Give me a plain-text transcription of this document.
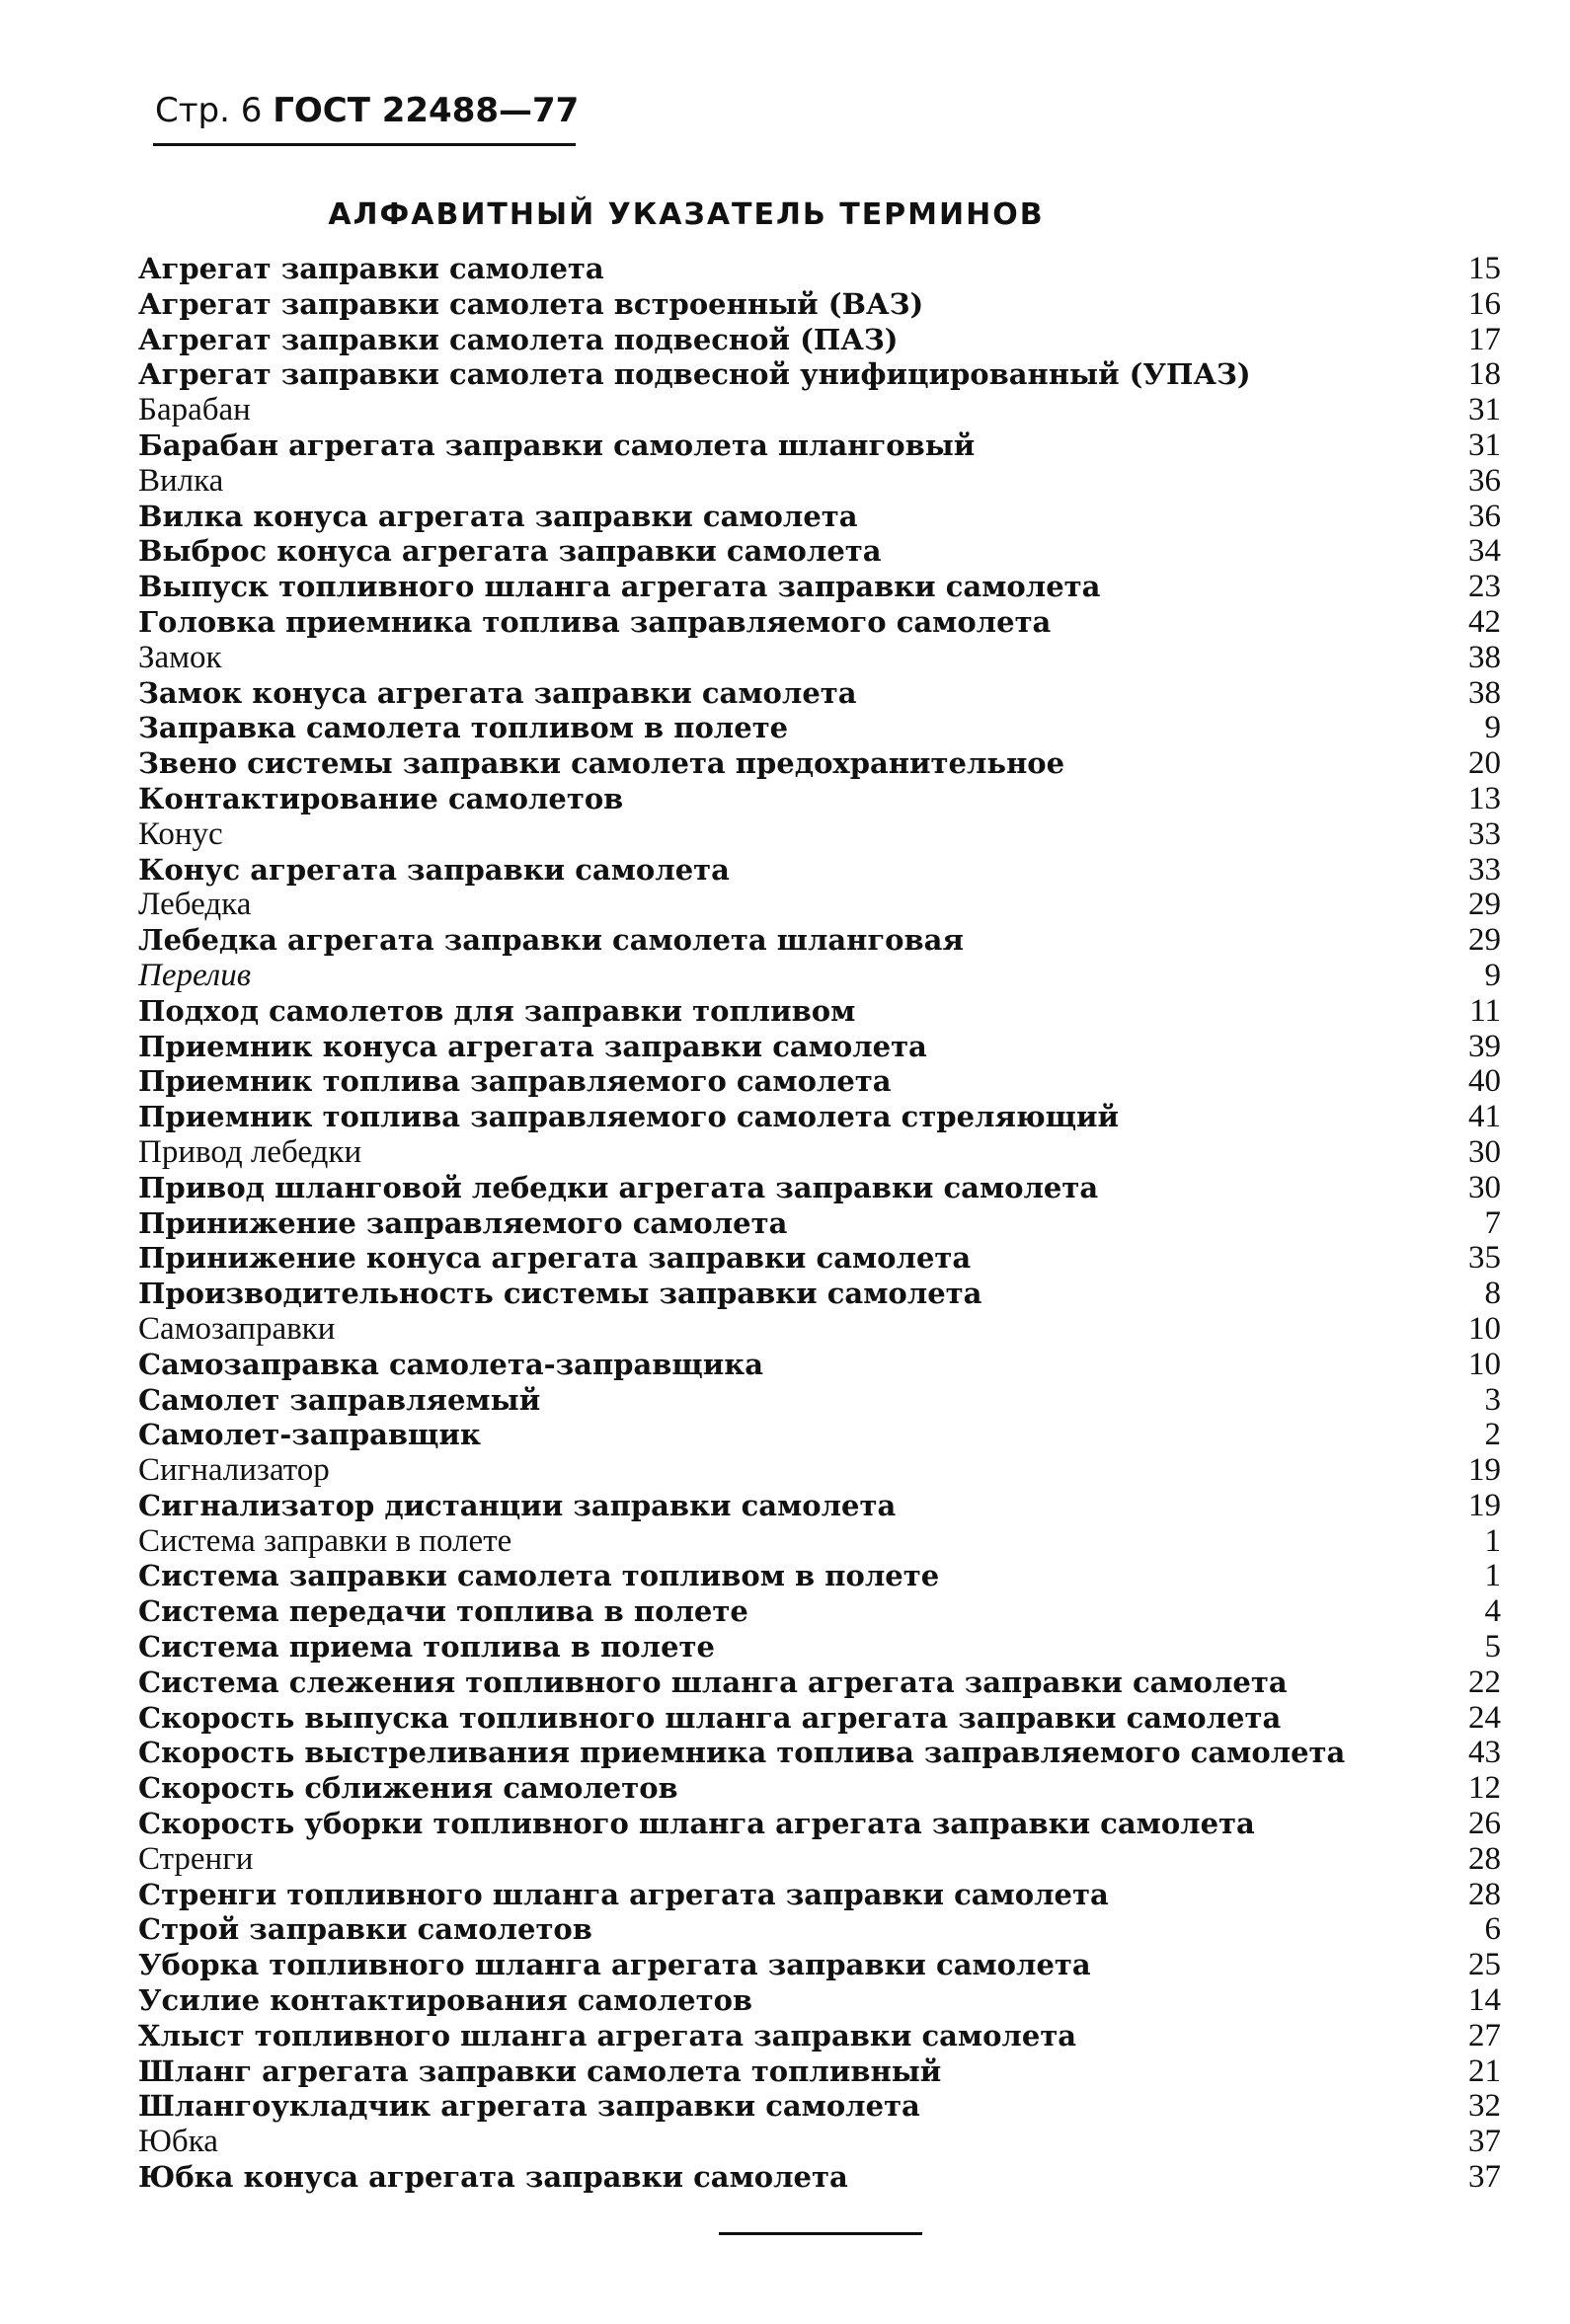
Стр. 6 ГОСТ 22488—77
АЛФАВИТНЫЙ УКАЗАТЕЛЬ ТЕРМИНОВ
Агрегат заправки самолета	15
Агрегат заправки самолета встроенный (ВАЗ)	16
Агрегат заправки самолета подвесной (ПАЗ)	17
Агрегат заправки самолета подвесной унифицированный (УПАЗ)	18
Барабан	31
Барабан агрегата заправки самолета шланговый	31
Вилка	36
Вилка конуса агрегата заправки самолета	36
Выброс конуса агрегата заправки самолета	34
Выпуск топливного шланга агрегата заправки самолета	23
Головка приемника топлива заправляемого самолета	42
Замок	38
Замок конуса агрегата заправки самолета	38
Заправка самолета топливом в полете	9
Звено системы заправки самолета предохранительное	20
Контактирование самолетов	13
Конус	33
Конус агрегата заправки самолета	33
Лебедка	29
Лебедка агрегата заправки самолета шланговая	29
Перелив	9
Подход самолетов для заправки топливом	11
Приемник конуса агрегата заправки самолета	39
Приемник топлива заправляемого самолета	40
Приемник топлива заправляемого самолета стреляющий	41
Привод лебедки	30
Привод шланговой лебедки агрегата заправки самолета	30
Принижение заправляемого самолета	7
Принижение конуса агрегата заправки самолета	35
Производительность системы заправки самолета	8
Самозаправки	10
Самозаправка самолета-заправщика	10
Самолет заправляемый	3
Самолет-заправщик	2
Сигнализатор	19
Сигнализатор дистанции заправки самолета	19
Система заправки в полете	1
Система заправки самолета топливом в полете	1
Система передачи топлива в полете	4
Система приема топлива в полете	5
Система слежения топливного шланга агрегата заправки самолета	22
Скорость выпуска топливного шланга агрегата заправки самолета	24
Скорость выстреливания приемника топлива заправляемого самолета	43
Скорость сближения самолетов	12
Скорость уборки топливного шланга агрегата заправки самолета	26
Стренги	28
Стренги топливного шланга агрегата заправки самолета	28
Строй заправки самолетов	6
Уборка топливного шланга агрегата заправки самолета	25
Усилие контактирования самолетов	14
Хлыст топливного шланга агрегата заправки самолета	27
Шланг агрегата заправки самолета топливный	21
Шлангоукладчик агрегата заправки самолета	32
Юбка	37
Юбка конуса агрегата заправки самолета	37
